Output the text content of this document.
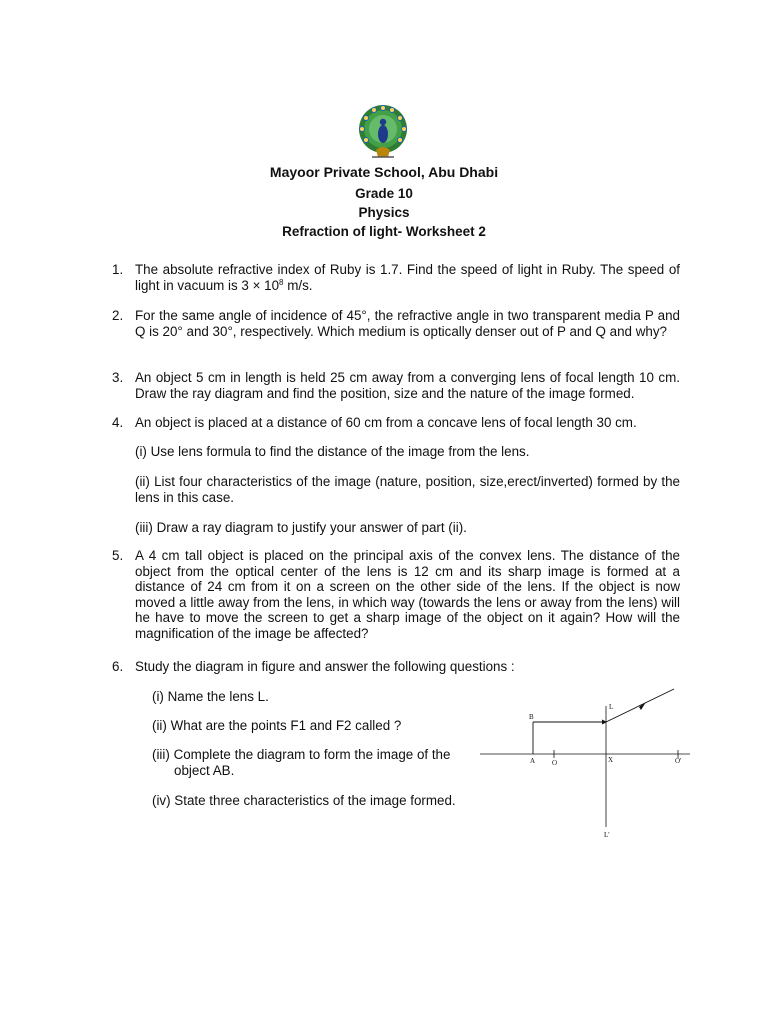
Mayoor Private School, Abu Dhabi
Grade 10
Physics
Refraction of light- Worksheet 2
1. The absolute refractive index of Ruby is 1.7. Find the speed of light in Ruby. The speed of light in vacuum is $3 \times 10^8$ m/s.
2. For the same angle of incidence of 45°, the refractive angle in two transparent media P and Q is 20° and 30°, respectively. Which medium is optically denser out of P and Q and why?
3. An object 5 cm in length is held 25 cm away from a converging lens of focal length 10 cm. Draw the ray diagram and find the position, size and the nature of the image formed.
4. An object is placed at a distance of 60 cm from a concave lens of focal length 30 cm.
(i) Use lens formula to find the distance of the image from the lens.
(ii) List four characteristics of the image (nature, position, size,erect/inverted) formed by the lens in this case.
(iii) Draw a ray diagram to justify your answer of part (ii).
5. A 4 cm tall object is placed on the principal axis of the convex lens. The distance of the object from the optical center of the lens is 12 cm and its sharp image is formed at a distance of 24 cm from it on a screen on the other side of the lens. If the object is now moved a little away from the lens, in which way (towards the lens or away from the lens) will he have to move the screen to get a sharp image of the object on it again? How will the magnification of the image be affected?
6. Study the diagram in figure and answer the following questions :
(i) Name the lens L.
(ii) What are the points F1 and F2 called ?
(iii) Complete the diagram to form the image of the
object AB.
(iv) State three characteristics of the image formed.
B
L
A O	X	O'
L'
